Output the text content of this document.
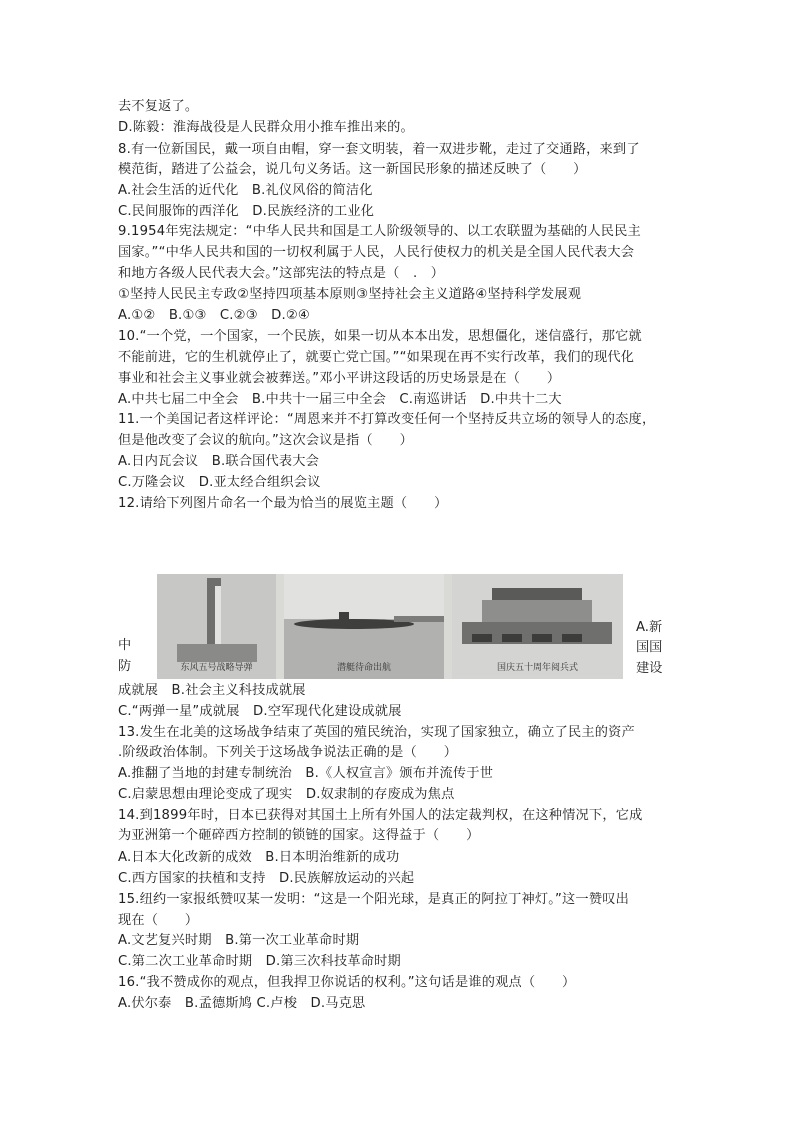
去不复返了。
D.陈毅：淮海战役是人民群众用小推车推出来的。
8.有一位新国民，戴一项自由帽，穿一套文明装，着一双进步靴，走过了交通路，来到了
模范街，踏进了公益会，说几句义务话。这一新国民形象的描述反映了（　　）
A.社会生活的近代化　B.礼仪风俗的简洁化
C.民间服饰的西洋化　D.民族经济的工业化
9.1954年宪法规定：“中华人民共和国是工人阶级领导的、以工农联盟为基础的人民民主
国家。”“中华人民共和国的一切权利属于人民，人民行使权力的机关是全国人民代表大会
和地方各级人民代表大会。”这部宪法的特点是（　.　）
①坚持人民民主专政②坚持四项基本原则③坚持社会主义道路④坚持科学发展观
A.①②　B.①③　C.②③　D.②④
10.“一个党，一个国家，一个民族，如果一切从本本出发，思想僵化，迷信盛行，那它就
不能前进，它的生机就停止了，就要亡党亡国。”“如果现在再不实行改革，我们的现代化
事业和社会主义事业就会被葬送。”邓小平讲这段话的历史场景是在（　　）
A.中共七届二中全会　B.中共十一届三中全会　C.南巡讲话　D.中共十二大
11.一个美国记者这样评论：“周恩来并不打算改变任何一个坚持反共立场的领导人的态度，
但是他改变了会议的航向。”这次会议是指（　　）
A.日内瓦会议　B.联合国代表大会
C.万隆会议　D.亚太经合组织会议
12.请给下列图片命名一个最为恰当的展览主题（　　）
中
防
A.新
国国
建设
东风五号战略导弹	潜艇待命出航	国庆五十周年阅兵式
成就展　B.社会主义科技成就展
C.“两弹一星”成就展　D.空军现代化建设成就展
13.发生在北美的这场战争结束了英国的殖民统治，实现了国家独立，确立了民主的资产
.阶级政治体制。下列关于这场战争说法正确的是（　　）
A.推翻了当地的封建专制统治　B.《人权宣言》颁布并流传于世
C.启蒙思想由理论变成了现实　D.奴隶制的存废成为焦点
14.到1899年时，日本已获得对其国土上所有外国人的法定裁判权，在这种情况下，它成
为亚洲第一个砸碎西方控制的锁链的国家。这得益于（　　）
A.日本大化改新的成效　B.日本明治维新的成功
C.西方国家的扶植和支持　D.民族解放运动的兴起
15.纽约一家报纸赞叹某一发明：“这是一个阳光球，是真正的阿拉丁神灯。”这一赞叹出
现在（　　）
A.文艺复兴时期　B.第一次工业革命时期
C.第二次工业革命时期　D.第三次科技革命时期
16.“我不赞成你的观点，但我捍卫你说话的权利。”这句话是谁的观点（　　）
A.伏尔泰　B.孟德斯鸠 C.卢梭　D.马克思
